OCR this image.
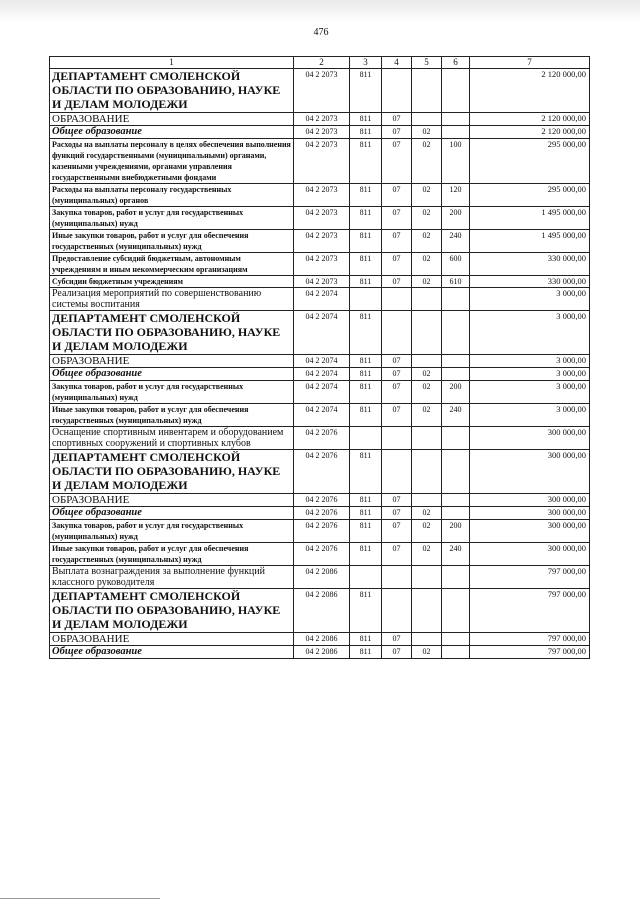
476
1	2	3	4	5	6	7
ДЕПАРТАМЕНТ СМОЛЕНСКОЙ ОБЛАСТИ ПО ОБРАЗОВАНИЮ, НАУКЕ И ДЕЛАМ МОЛОДЕЖИ	04 2 2073	811				2 120 000,00
ОБРАЗОВАНИЕ	04 2 2073	811	07			2 120 000,00
Общее образование	04 2 2073	811	07	02		2 120 000,00
Расходы на выплаты персоналу в целях обеспечения выполнения функций государственными (муниципальными) органами, казенными учреждениями, органами управления государственными внебюджетными фондами	04 2 2073	811	07	02	100	295 000,00
Расходы на выплаты персоналу государственных (муниципальных) органов	04 2 2073	811	07	02	120	295 000,00
Закупка товаров, работ и услуг для государственных (муниципальных) нужд	04 2 2073	811	07	02	200	1 495 000,00
Иные закупки товаров, работ и услуг для обеспечения государственных (муниципальных) нужд	04 2 2073	811	07	02	240	1 495 000,00
Предоставление субсидий бюджетным, автономным учреждениям и иным некоммерческим организациям	04 2 2073	811	07	02	600	330 000,00
Субсидии бюджетным учреждениям	04 2 2073	811	07	02	610	330 000,00
Реализация мероприятий по совершенствованию системы воспитания	04 2 2074					3 000,00
ДЕПАРТАМЕНТ СМОЛЕНСКОЙ ОБЛАСТИ ПО ОБРАЗОВАНИЮ, НАУКЕ И ДЕЛАМ МОЛОДЕЖИ	04 2 2074	811				3 000,00
ОБРАЗОВАНИЕ	04 2 2074	811	07			3 000,00
Общее образование	04 2 2074	811	07	02		3 000,00
Закупка товаров, работ и услуг для государственных (муниципальных) нужд	04 2 2074	811	07	02	200	3 000,00
Иные закупки товаров, работ и услуг для обеспечения государственных (муниципальных) нужд	04 2 2074	811	07	02	240	3 000,00
Оснащение спортивным инвентарем и оборудованием спортивных сооружений и спортивных клубов	04 2 2076					300 000,00
ДЕПАРТАМЕНТ СМОЛЕНСКОЙ ОБЛАСТИ ПО ОБРАЗОВАНИЮ, НАУКЕ И ДЕЛАМ МОЛОДЕЖИ	04 2 2076	811				300 000,00
ОБРАЗОВАНИЕ	04 2 2076	811	07			300 000,00
Общее образование	04 2 2076	811	07	02		300 000,00
Закупка товаров, работ и услуг для государственных (муниципальных) нужд	04 2 2076	811	07	02	200	300 000,00
Иные закупки товаров, работ и услуг для обеспечения государственных (муниципальных) нужд	04 2 2076	811	07	02	240	300 000,00
Выплата вознаграждения за выполнение функций классного руководителя	04 2 2086					797 000,00
ДЕПАРТАМЕНТ СМОЛЕНСКОЙ ОБЛАСТИ ПО ОБРАЗОВАНИЮ, НАУКЕ И ДЕЛАМ МОЛОДЕЖИ	04 2 2086	811				797 000,00
ОБРАЗОВАНИЕ	04 2 2086	811	07			797 000,00
Общее образование	04 2 2086	811	07	02		797 000,00
